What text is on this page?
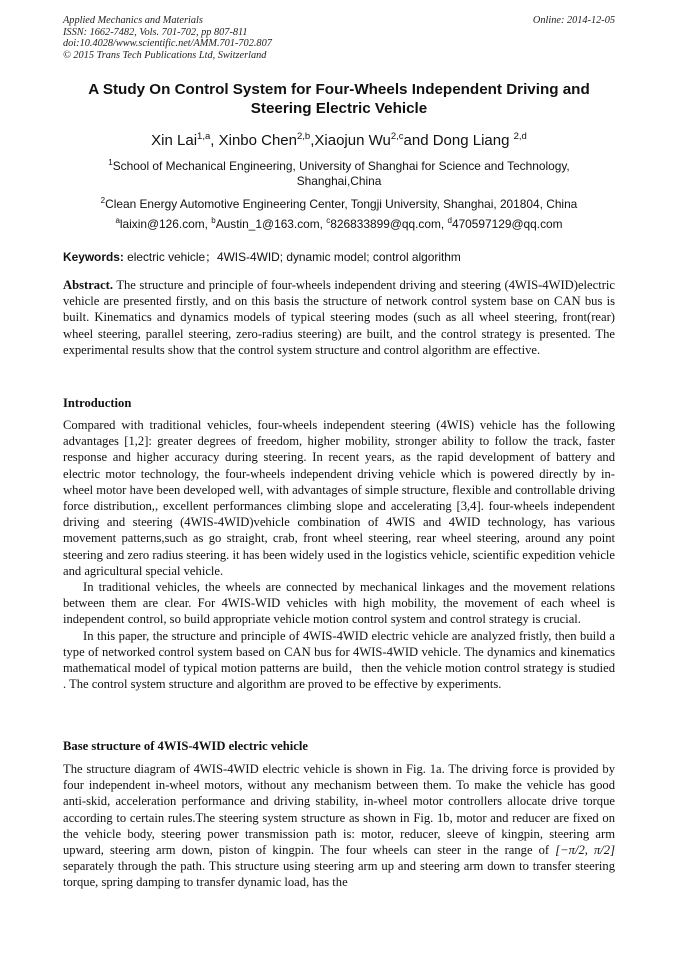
Applied Mechanics and Materials
ISSN: 1662-7482, Vols. 701-702, pp 807-811
doi:10.4028/www.scientific.net/AMM.701-702.807
© 2015 Trans Tech Publications Ltd, Switzerland
Online: 2014-12-05
A Study On Control System for Four-Wheels Independent Driving and Steering Electric Vehicle
Xin Lai$^{1,a}$, Xinbo Chen$^{2,b}$,Xiaojun Wu$^{2,c}$and Dong Liang $^{2,d}$
$^1$School of Mechanical Engineering, University of Shanghai for Science and Technology, Shanghai,China
$^2$Clean Energy Automotive Engineering Center, Tongji University, Shanghai, 201804, China
$^a$laixin@126.com, $^b$Austin_1@163.com, $^c$826833899@qq.com, $^d$470597129@qq.com
Keywords: electric vehicle；4WIS-4WID; dynamic model; control algorithm

Abstract. The structure and principle of four-wheels independent driving and steering (4WIS-4WID)electric vehicle are presented firstly, and on this basis the structure of network control system base on CAN bus is built. Kinematics and dynamics models of typical steering modes (such as all wheel steering, front(rear) wheel steering, parallel steering, zero-radius steering) are built, and the control strategy is presented. The experimental results show that the control system structure and control algorithm are effective.

Introduction

Compared with traditional vehicles, four-wheels independent steering (4WIS) vehicle has the following advantages [1,2]: greater degrees of freedom, higher mobility, stronger ability to follow the track, faster response and higher accuracy during steering. In recent years, as the rapid development of battery and electric motor technology, the four-wheels independent driving vehicle which is powered directly by in-wheel motor have been developed well, with advantages of simple structure, flexible and controllable driving force distribution,, excellent performances climbing slope and accelerating [3,4]. four-wheels independent driving and steering (4WIS-4WID)vehicle combination of 4WIS and 4WID technology, has various movement patterns,such as go straight, crab, front wheel steering, rear wheel steering, around any point steering and zero radius steering. it has been widely used in the logistics vehicle, scientific expedition vehicle and agricultural special vehicle.

In traditional vehicles, the wheels are connected by mechanical linkages and the movement relations between them are clear. For 4WIS-WID vehicles with high mobility, the movement of each wheel is independent control, so build appropriate vehicle motion control system and control strategy is crucial.

In this paper, the structure and principle of 4WIS-4WID electric vehicle are analyzed fristly, then build a type of networked control system based on CAN bus for 4WIS-4WID vehicle. The dynamics and kinematics mathematical model of typical motion patterns are build，then the vehicle motion control strategy is studied . The control system structure and algorithm are proved to be effective by experiments.

Base structure of 4WIS-4WID electric vehicle

The structure diagram of 4WIS-4WID electric vehicle is shown in Fig. 1a. The driving force is provided by four independent in-wheel motors, without any mechanism between them. To make the vehicle has good anti-skid, acceleration performance and driving stability, in-wheel motor controllers allocate drive torque according to certain rules.The steering system structure as shown in Fig. 1b, motor and reducer are fixed on the vehicle body, steering power transmission path is: motor, reducer, sleeve of kingpin, steering arm upward, steering arm down, piston of kingpin. The four wheels can steer in the range of [−π/2, π/2] separately through the path. This structure using steering arm up and steering arm down to transfer steering torque, spring damping to transfer dynamic load, has the
